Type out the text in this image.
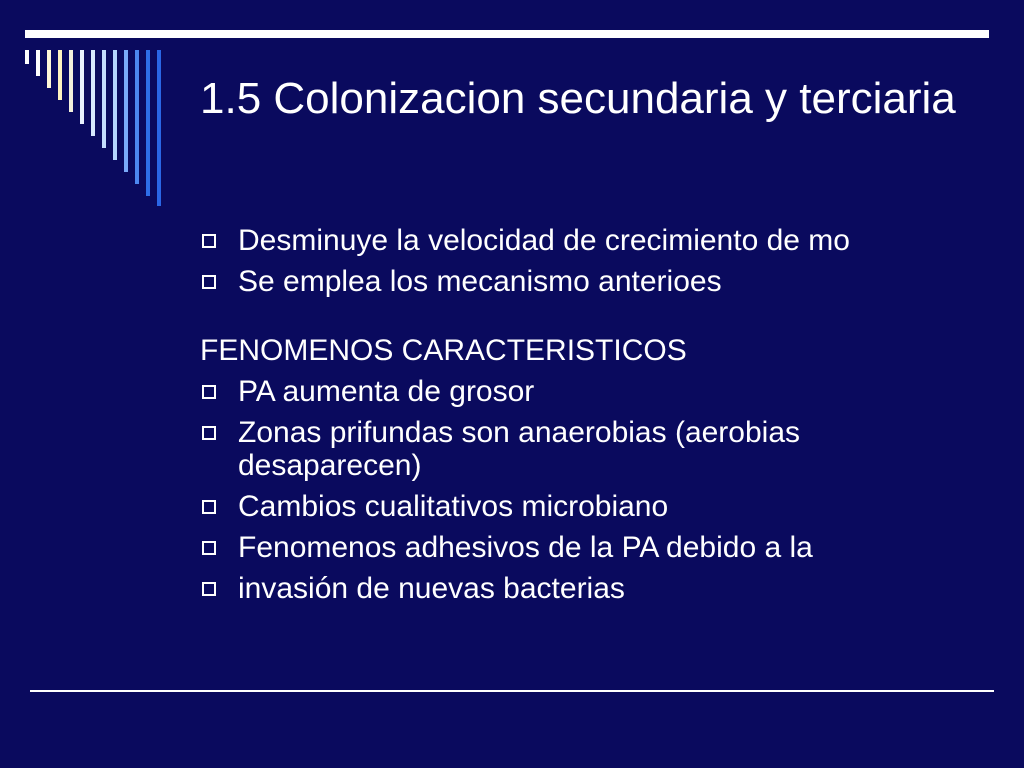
1.5 Colonizacion secundaria y terciaria
Desminuye la velocidad de crecimiento de mo
Se emplea los mecanismo anterioes
FENOMENOS CARACTERISTICOS
PA aumenta de grosor
Zonas prifundas son anaerobias (aerobias desaparecen)
Cambios cualitativos microbiano
Fenomenos adhesivos de la PA debido a la
invasión de nuevas bacterias
